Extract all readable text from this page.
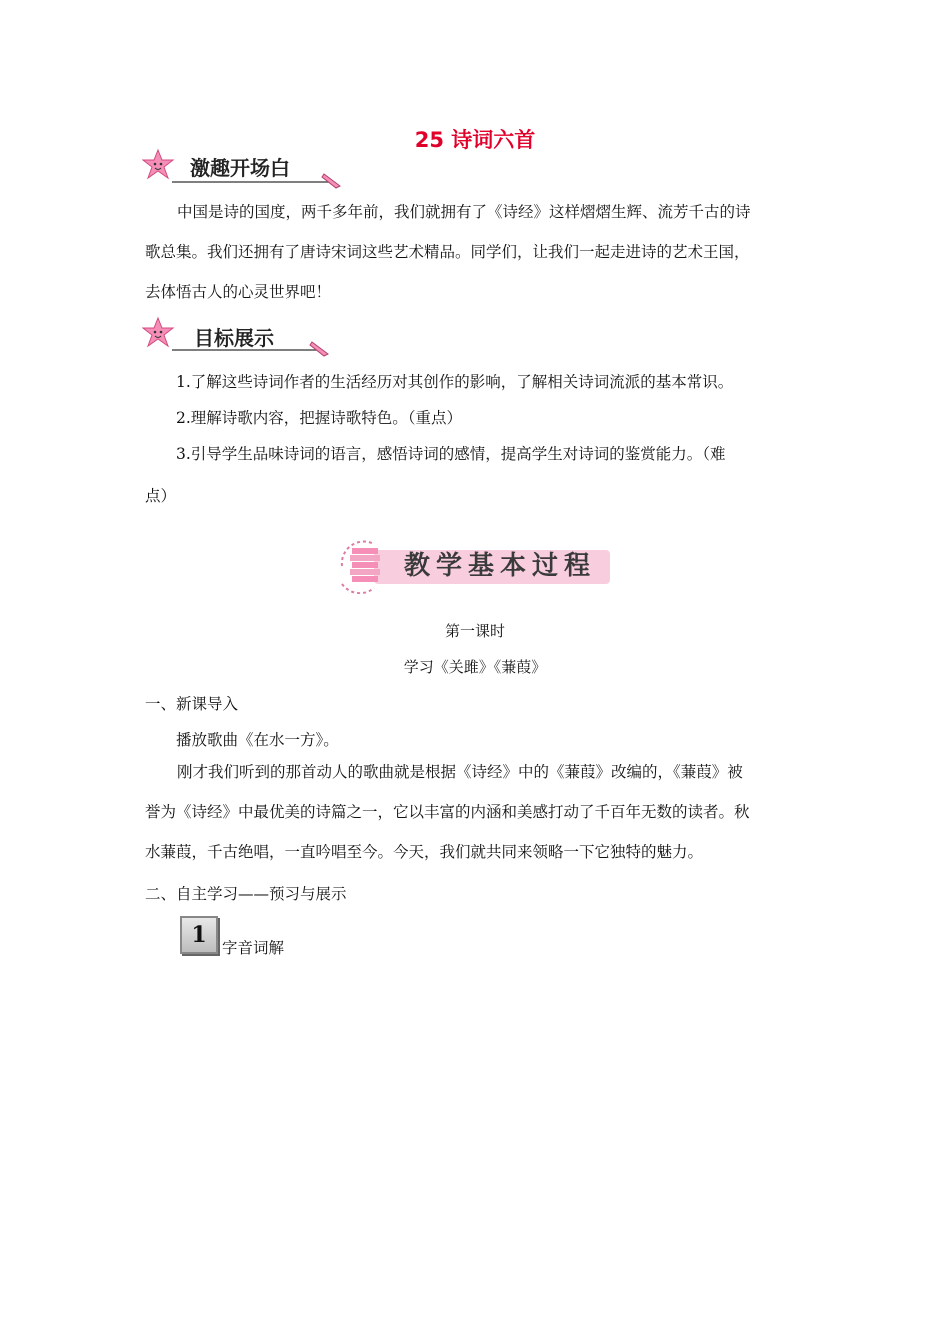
25 诗词六首
激趣开场白
中国是诗的国度，两千多年前，我们就拥有了《诗经》这样熠熠生辉、流芳千古的诗
歌总集。我们还拥有了唐诗宋词这些艺术精品。同学们，让我们一起走进诗的艺术王国，
去体悟古人的心灵世界吧！
目标展示
1.了解这些诗词作者的生活经历对其创作的影响，了解相关诗词流派的基本常识。
2.理解诗歌内容，把握诗歌特色。（重点）
3.引导学生品味诗词的语言，感悟诗词的感情，提高学生对诗词的鉴赏能力。（难
点）
教学基本过程
第一课时
学习《关雎》《蒹葭》
一、新课导入
播放歌曲《在水一方》。
刚才我们听到的那首动人的歌曲就是根据《诗经》中的《蒹葭》改编的，《蒹葭》被
誉为《诗经》中最优美的诗篇之一，它以丰富的内涵和美感打动了千百年无数的读者。秋
水蒹葭，千古绝唱，一直吟唱至今。今天，我们就共同来领略一下它独特的魅力。
二、自主学习——预习与展示
1 字音词解
